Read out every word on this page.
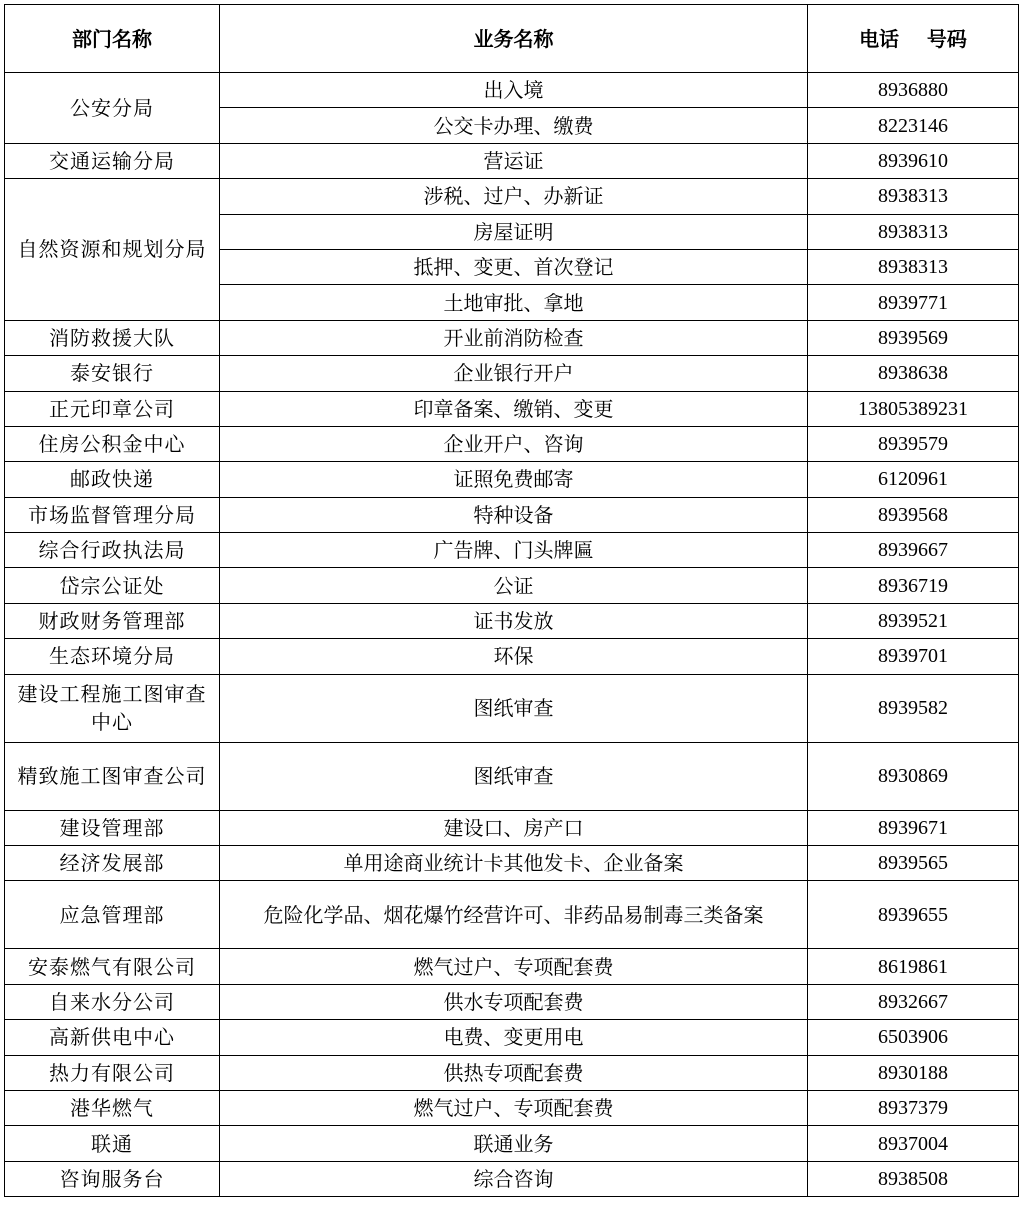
部门名称	业务名称	电话    号码
公安分局	出入境	8936880
	公交卡办理、缴费	8223146
交通运输分局	营运证	8939610
自然资源和规划分局	涉税、过户、办新证	8938313
	房屋证明	8938313
	抵押、变更、首次登记	8938313
	土地审批、拿地	8939771
消防救援大队	开业前消防检查	8939569
泰安银行	企业银行开户	8938638
正元印章公司	印章备案、缴销、变更	13805389231
住房公积金中心	企业开户、咨询	8939579
邮政快递	证照免费邮寄	6120961
市场监督管理分局	特种设备	8939568
综合行政执法局	广告牌、门头牌匾	8939667
岱宗公证处	公证	8936719
财政财务管理部	证书发放	8939521
生态环境分局	环保	8939701
建设工程施工图审查中心	图纸审查	8939582
精致施工图审查公司	图纸审查	8930869
建设管理部	建设口、房产口	8939671
经济发展部	单用途商业统计卡其他发卡、企业备案	8939565
应急管理部	危险化学品、烟花爆竹经营许可、非药品易制毒三类备案	8939655
安泰燃气有限公司	燃气过户、专项配套费	8619861
自来水分公司	供水专项配套费	8932667
高新供电中心	电费、变更用电	6503906
热力有限公司	供热专项配套费	8930188
港华燃气	燃气过户、专项配套费	8937379
联通	联通业务	8937004
咨询服务台	综合咨询	8938508
